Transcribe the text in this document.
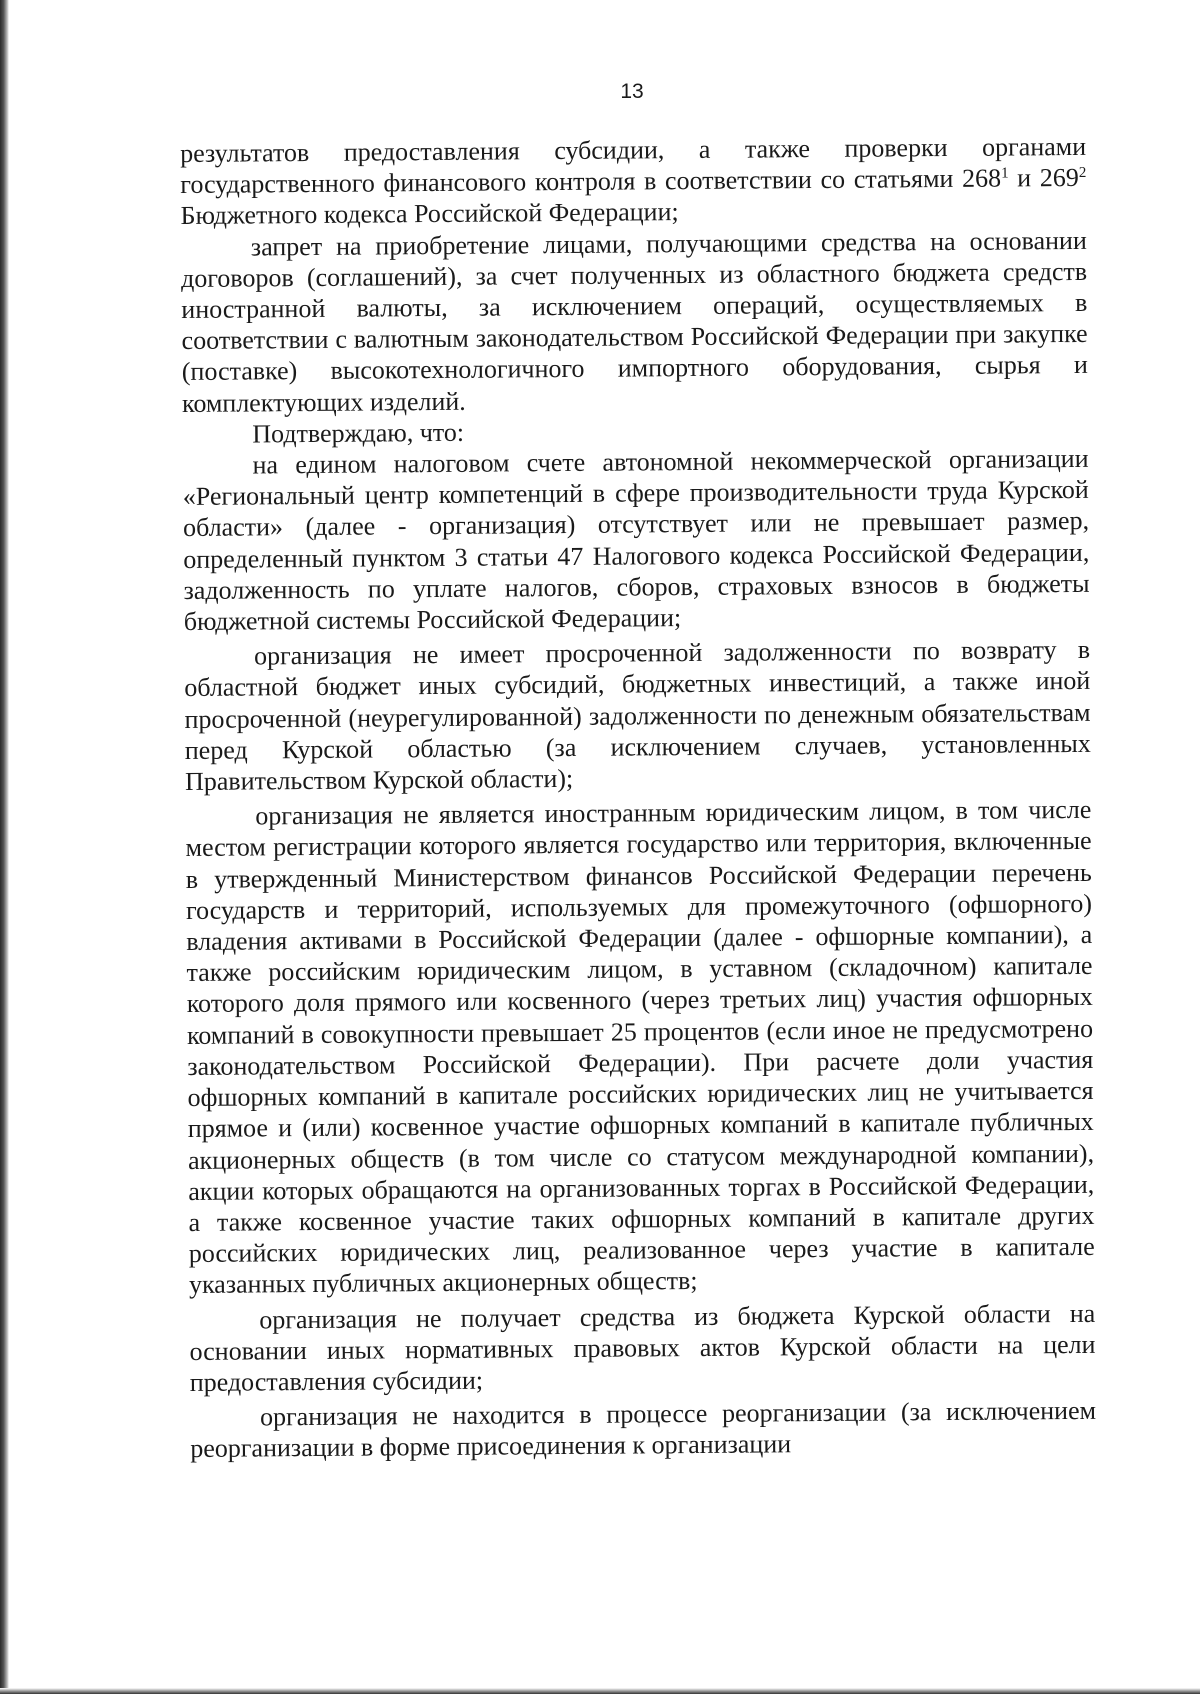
13

результатов предоставления субсидии, а также проверки органами государственного финансового контроля в соответствии со статьями $268^1$ и $269^2$ Бюджетного кодекса Российской Федерации;

запрет на приобретение лицами, получающими средства на основании договоров (соглашений), за счет полученных из областного бюджета средств иностранной валюты, за исключением операций, осуществляемых в соответствии с валютным законодательством Российской Федерации при закупке (поставке) высокотехнологичного импортного оборудования, сырья и комплектующих изделий.

Подтверждаю, что:

на едином налоговом счете автономной некоммерческой организации «Региональный центр компетенций в сфере производительности труда Курской области» (далее - организация) отсутствует или не превышает размер, определенный пунктом 3 статьи 47 Налогового кодекса Российской Федерации, задолженность по уплате налогов, сборов, страховых взносов в бюджеты бюджетной системы Российской Федерации;

организация не имеет просроченной задолженности по возврату в областной бюджет иных субсидий, бюджетных инвестиций, а также иной просроченной (неурегулированной) задолженности по денежным обязательствам перед Курской областью (за исключением случаев, установленных Правительством Курской области);

организация не является иностранным юридическим лицом, в том числе местом регистрации которого является государство или территория, включенные в утвержденный Министерством финансов Российской Федерации перечень государств и территорий, используемых для промежуточного (офшорного) владения активами в Российской Федерации (далее - офшорные компании), а также российским юридическим лицом, в уставном (складочном) капитале которого доля прямого или косвенного (через третьих лиц) участия офшорных компаний в совокупности превышает 25 процентов (если иное не предусмотрено законодательством Российской Федерации). При расчете доли участия офшорных компаний в капитале российских юридических лиц не учитывается прямое и (или) косвенное участие офшорных компаний в капитале публичных акционерных обществ (в том числе со статусом международной компании), акции которых обращаются на организованных торгах в Российской Федерации, а также косвенное участие таких офшорных компаний в капитале других российских юридических лиц, реализованное через участие в капитале указанных публичных акционерных обществ;

организация не получает средства из бюджета Курской области на основании иных нормативных правовых актов Курской области на цели предоставления субсидии;

организация не находится в процессе реорганизации (за исключением реорганизации в форме присоединения к организации
